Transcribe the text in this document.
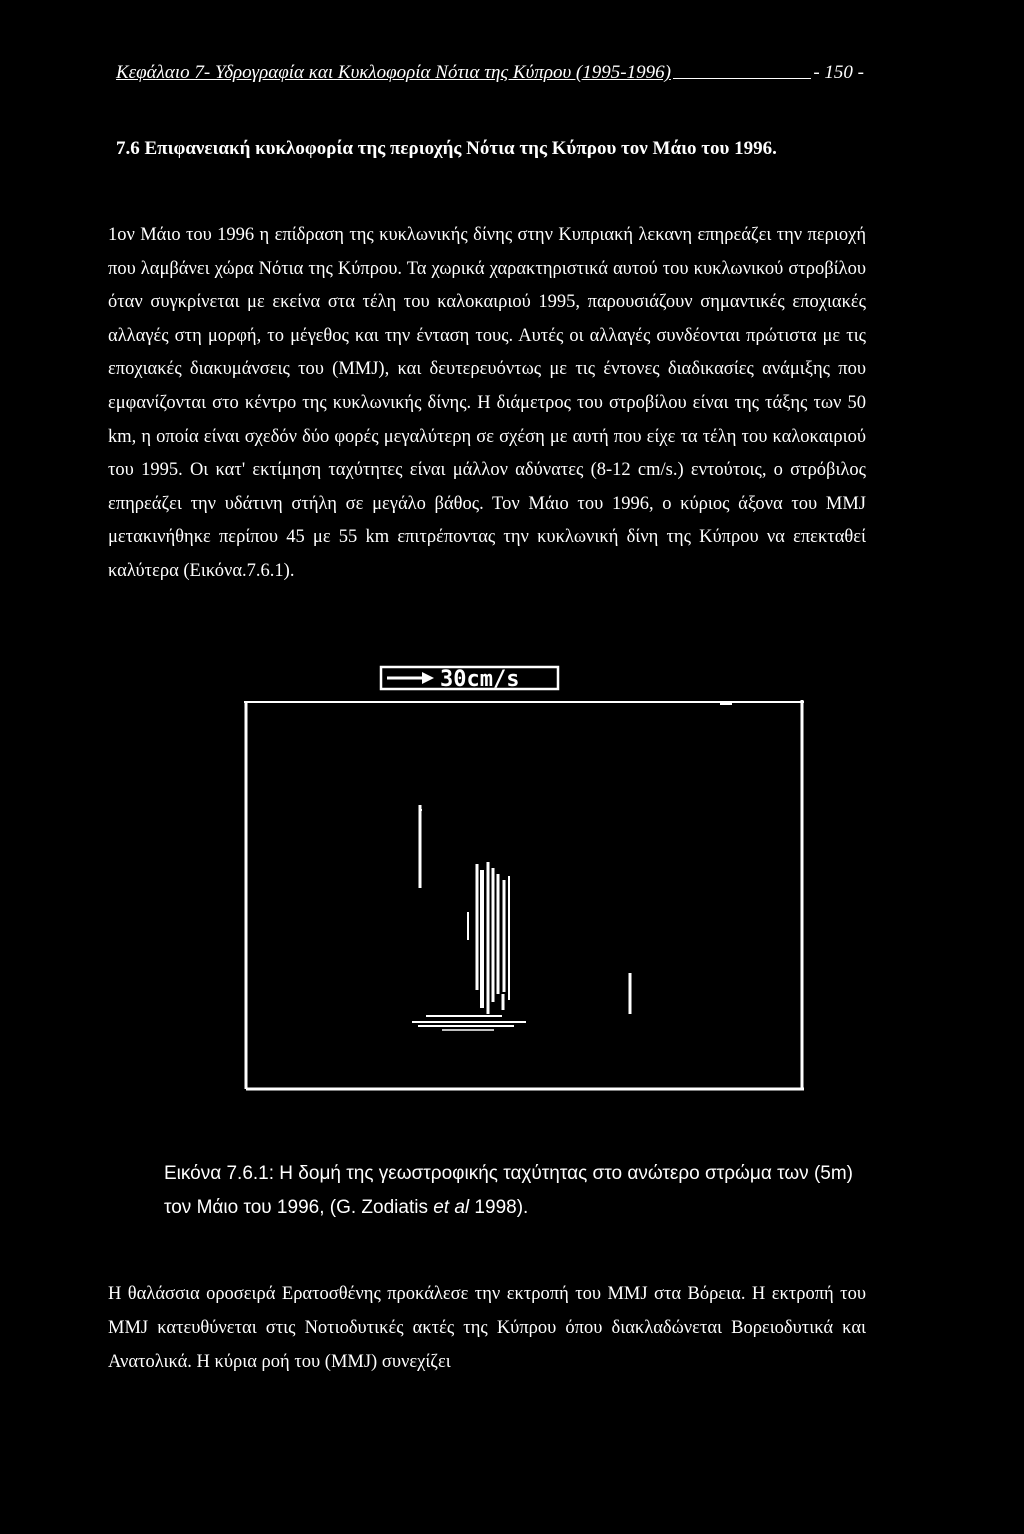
Κεφάλαιο 7- Υδρογραφία και Κυκλοφορία Νότια της Κύπρου (1995-1996)	- 150 -
7.6 Επιφανειακή κυκλοφορία της περιοχής Νότια της Κύπρου τον Μάιο του 1996.
1ον Μάιο του 1996 η επίδραση της κυκλωνικής δίνης στην Κυπριακή λεκανη επηρεάζει την περιοχή που λαμβάνει χώρα Νότια της Κύπρου. Τα χωρικά χαρακτηριστικά αυτού του κυκλωνικού στροβίλου όταν συγκρίνεται με εκείνα στα τέλη του καλοκαιριού 1995, παρουσιάζουν σημαντικές εποχιακές αλλαγές στη μορφή, το μέγεθος και την ένταση τους. Αυτές οι αλλαγές συνδέονται πρώτιστα με τις εποχιακές διακυμάνσεις του (MMJ), και δευτερευόντως με τις έντονες διαδικασίες ανάμιξης που εμφανίζονται στο κέντρο της κυκλωνικής δίνης. Η διάμετρος του στροβίλου είναι της τάξης των 50 km, η οποία είναι σχεδόν δύο φορές μεγαλύτερη σε σχέση με αυτή που είχε τα τέλη του καλοκαιριού του 1995. Οι κατ' εκτίμηση ταχύτητες είναι μάλλον αδύνατες (8-12 cm/s.) εντούτοις, ο στρόβιλος επηρεάζει την υδάτινη στήλη σε μεγάλο βάθος. Τον Μάιο του 1996, ο κύριος άξονα του MMJ μετακινήθηκε περίπου 45 με 55 km επιτρέποντας την κυκλωνική δίνη της Κύπρου να επεκταθεί καλύτερα (Εικόνα.7.6.1).
30cm/s
Εικόνα 7.6.1: Η δομή της γεωστροφικής ταχύτητας στο ανώτερο στρώμα των (5m) τον Μάιο του 1996, (G. Zodiatis et al 1998).
Η θαλάσσια οροσειρά Ερατοσθένης προκάλεσε την εκτροπή του MMJ στα Βόρεια. Η εκτροπή του MMJ κατευθύνεται στις Νοτιοδυτικές ακτές της Κύπρου όπου διακλαδώνεται Βορειοδυτικά και Ανατολικά. Η κύρια ροή του (MMJ) συνεχίζει
